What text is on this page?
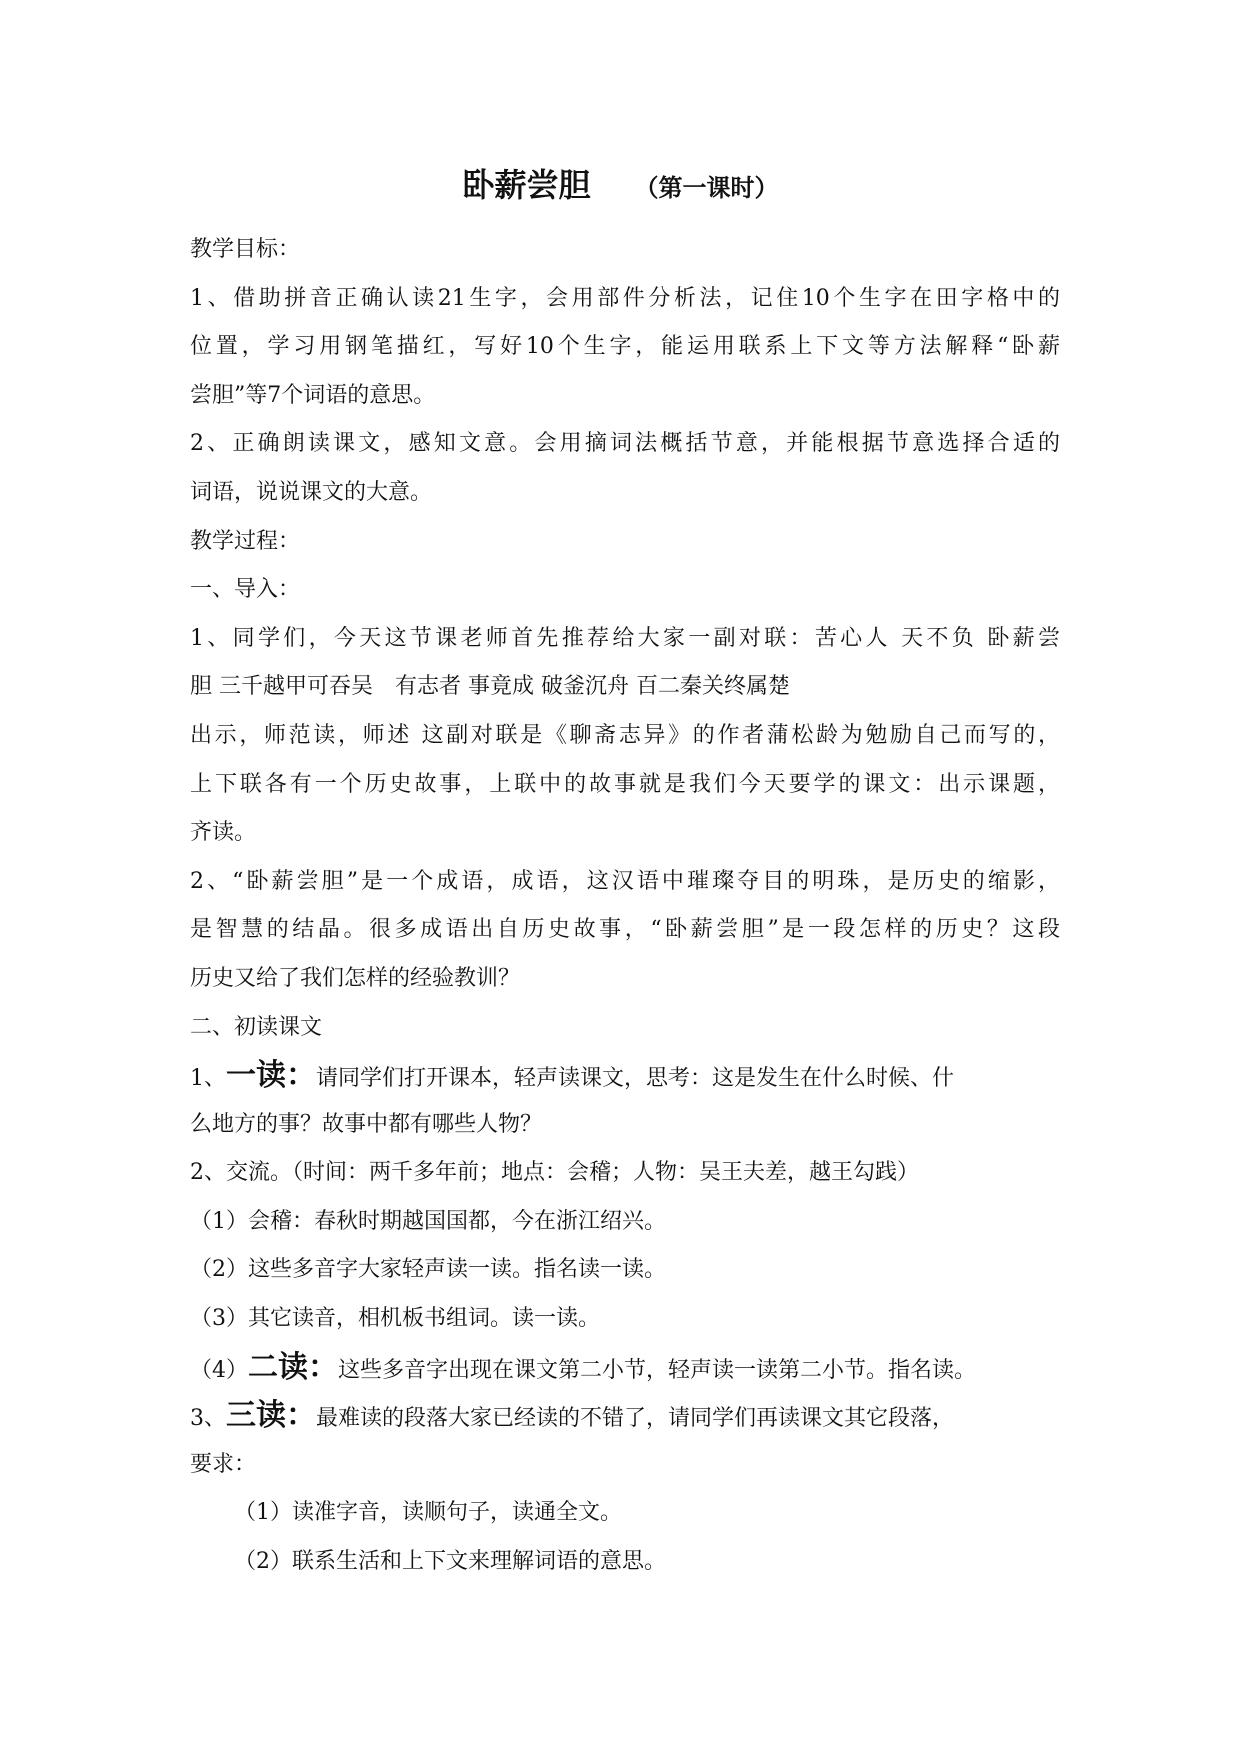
卧薪尝胆 （第一课时）
教学目标：
1、借助拼音正确认读21生字，会用部件分析法，记住10个生字在田字格中的
位置，学习用钢笔描红，写好10个生字，能运用联系上下文等方法解释“卧薪
尝胆”等7个词语的意思。
2、正确朗读课文，感知文意。会用摘词法概括节意，并能根据节意选择合适的
词语，说说课文的大意。
教学过程：
一、导入：
1、同学们，今天这节课老师首先推荐给大家一副对联：苦心人 天不负 卧薪尝
胆 三千越甲可吞吴　有志者 事竟成 破釜沉舟 百二秦关终属楚
出示，师范读，师述 这副对联是《聊斋志异》的作者蒲松龄为勉励自己而写的，
上下联各有一个历史故事，上联中的故事就是我们今天要学的课文：出示课题，
齐读。
2、“卧薪尝胆”是一个成语，成语，这汉语中璀璨夺目的明珠，是历史的缩影，
是智慧的结晶。很多成语出自历史故事，“卧薪尝胆”是一段怎样的历史？这段
历史又给了我们怎样的经验教训？
二、初读课文
1、一读：请同学们打开课本，轻声读课文，思考：这是发生在什么时候、什
么地方的事？故事中都有哪些人物？
2、交流。（时间：两千多年前；地点：会稽；人物：吴王夫差，越王勾践）
（1）会稽：春秋时期越国国都，今在浙江绍兴。
（2）这些多音字大家轻声读一读。指名读一读。
（3）其它读音，相机板书组词。读一读。
（4）二读：这些多音字出现在课文第二小节，轻声读一读第二小节。指名读。
3、三读：最难读的段落大家已经读的不错了，请同学们再读课文其它段落，
要求：
（1）读准字音，读顺句子，读通全文。
（2）联系生活和上下文来理解词语的意思。
